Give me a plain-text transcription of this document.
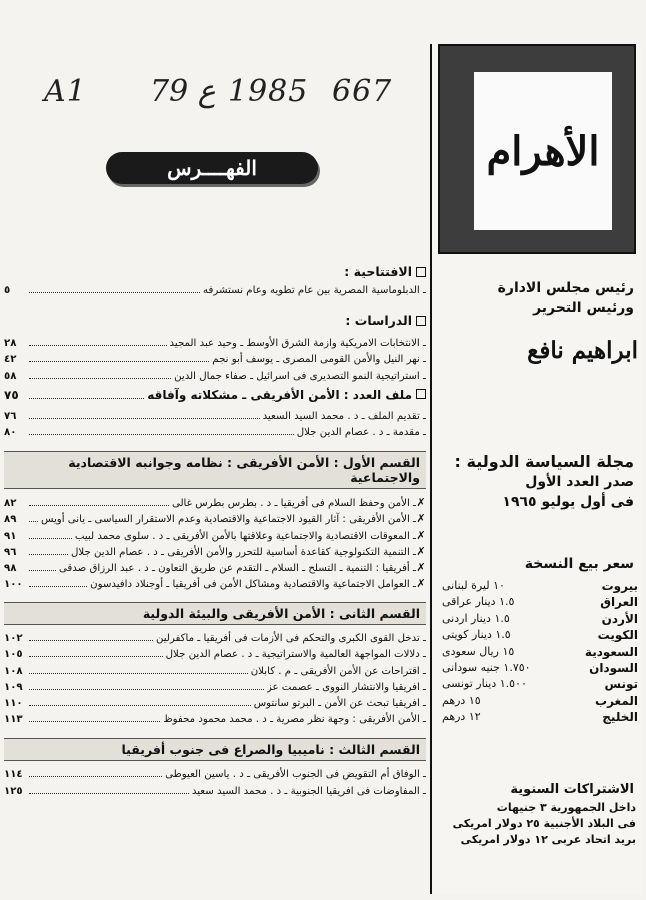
A1 79 ع 1985 667
الفهــــرس
الافتتاحية :
ـ الدبلوماسية المصرية بين عام تطويه وعام نستشرفه
٥
الدراسات :
ـ الانتخابات الامريكية وازمة الشرق الأوسط ـ وحيد عبد المجيد
٢٨
ـ نهر النيل والأمن القومى المصرى ـ يوسف أبو نجم
٤٢
ـ استراتيجية النمو التصديرى فى اسرائيل ـ صفاء جمال الدين
٥٨
ملف العدد : الأمن الأفريقى ـ مشكلاته وآفاقه
٧٥
ـ تقديم الملف ـ د . محمد السيد السعيد
٧٦
ـ مقدمة ـ د . عصام الدين جلال
٨٠
القسم الأول : الأمن الأفريقى : نظامه وجوانبه الاقتصادية والاجتماعية
✗
ـ الأمن وحفظ السلام فى أفريقيا ـ د . بطرس بطرس غالى
٨٢
✗
ـ الأمن الأفريقى : آثار القيود الاجتماعية والاقتصادية وعدم الاستقرار السياسى ـ يانى أويس
٨٩
✗
ـ المعوقات الاقتصادية والاجتماعية وعلاقتها بالأمن الأفريقى ـ د . سلوى محمد لبيب
٩١
✗
ـ التنمية التكنولوجية كقاعدة أساسية للتحرر والأمن الأفريقى ـ د . عصام الدين جلال
٩٦
✗
ـ أفريقيا : التنمية ـ التسلح ـ السلام ـ التقدم عن طريق التعاون ـ د . عبد الرزاق صدقى
٩٨
✗
ـ العوامل الاجتماعية والاقتصادية ومشاكل الأمن فى أفريقيا ـ أوجنلاد دافيدسون
١٠٠
القسم الثانى : الأمن الأفريقى والبيئة الدولية
ـ تدخل القوى الكبرى والتحكم فى الأزمات فى أفريقيا ـ ماكفرلين
١٠٢
ـ دلالات المواجهة العالمية والاستراتيجية ـ د . عصام الدين جلال
١٠٥
ـ اقتراحات عن الأمن الأفريقى ـ م . كابلان
١٠٨
ـ افريقيا والانتشار النووى ـ عصمت عز
١٠٩
ـ افريقيا تبحث عن الأمن ـ البرتو سانتوس
١١٠
ـ الأمن الأفريقى : وجهة نظر مصرية ـ د . محمد محمود محفوظ
١١٣
القسم الثالث : ناميبيا والصراع فى جنوب أفريقيا
ـ الوفاق أم التقويض فى الجنوب الأفريقى ـ د . ياسين العيوطى
١١٤
ـ المفاوضات فى افريقيا الجنوبية ـ د . محمد السيد سعيد
١٢٥
الأهرام
رئيس مجلس الادارة
ورئيس التحرير
ابراهيم نافع
مجلة السياسة الدولية :
صدر العدد الأول
فى أول يوليو ١٩٦٥
سعر بيع النسخة
بيروت
١٠ ليرة لبنانى
العراق
١.٥ دينار عراقى
الأردن
١.٥ دينار اردنى
الكويت
١.٥ دينار كويتى
السعودية
١٥ ريال سعودى
السودان
١.٧٥٠ جنيه سودانى
تونس
١.٥٠٠ دينار تونسى
المغرب
١٥ درهم
الخليج
١٢ درهم
الاشتراكات السنوية
داخل الجمهورية ٣ جنيهات
فى البلاد الأجنبية ٢٥ دولار امريكى
بريد اتحاد عربى ١٢ دولار امريكى
